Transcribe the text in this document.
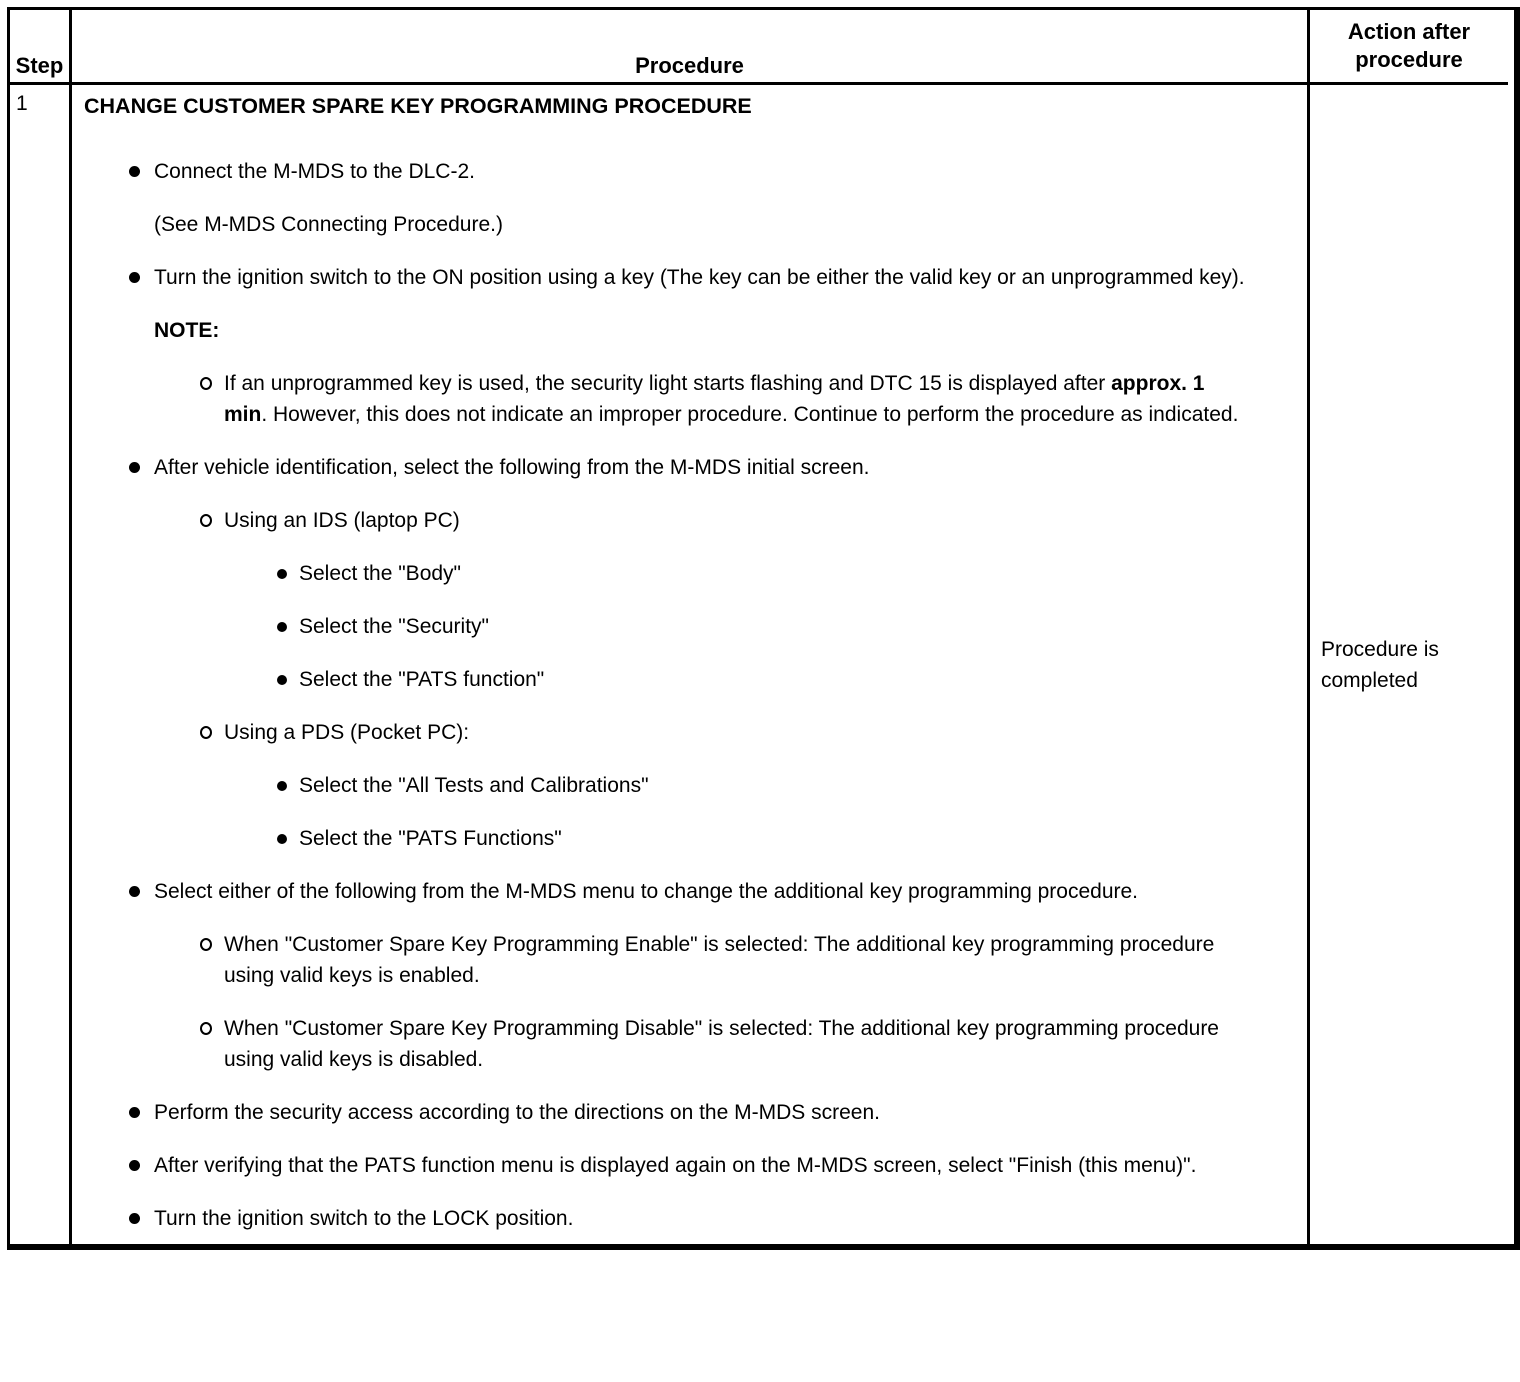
Step	Procedure
Action after procedure
1	CHANGE CUSTOMER SPARE KEY PROGRAMMING PROCEDURE
Connect the M-MDS to the DLC-2.
(See M-MDS Connecting Procedure.)
Turn the ignition switch to the ON position using a key (The key can be either the valid key or an unprogrammed key).
NOTE:
If an unprogrammed key is used, the security light starts flashing and DTC 15 is displayed after approx. 1 min. However, this does not indicate an improper procedure. Continue to perform the procedure as indicated.
After vehicle identification, select the following from the M-MDS initial screen.
Using an IDS (laptop PC)
Select the "Body"
Select the "Security"
Select the "PATS function"
Using a PDS (Pocket PC):
Select the "All Tests and Calibrations"
Select the "PATS Functions"
Select either of the following from the M-MDS menu to change the additional key programming procedure.
When "Customer Spare Key Programming Enable" is selected: The additional key programming procedure using valid keys is enabled.
When "Customer Spare Key Programming Disable" is selected: The additional key programming procedure using valid keys is disabled.
Perform the security access according to the directions on the M-MDS screen.
After verifying that the PATS function menu is displayed again on the M-MDS screen, select "Finish (this menu)".
Turn the ignition switch to the LOCK position.
Procedure is completed
